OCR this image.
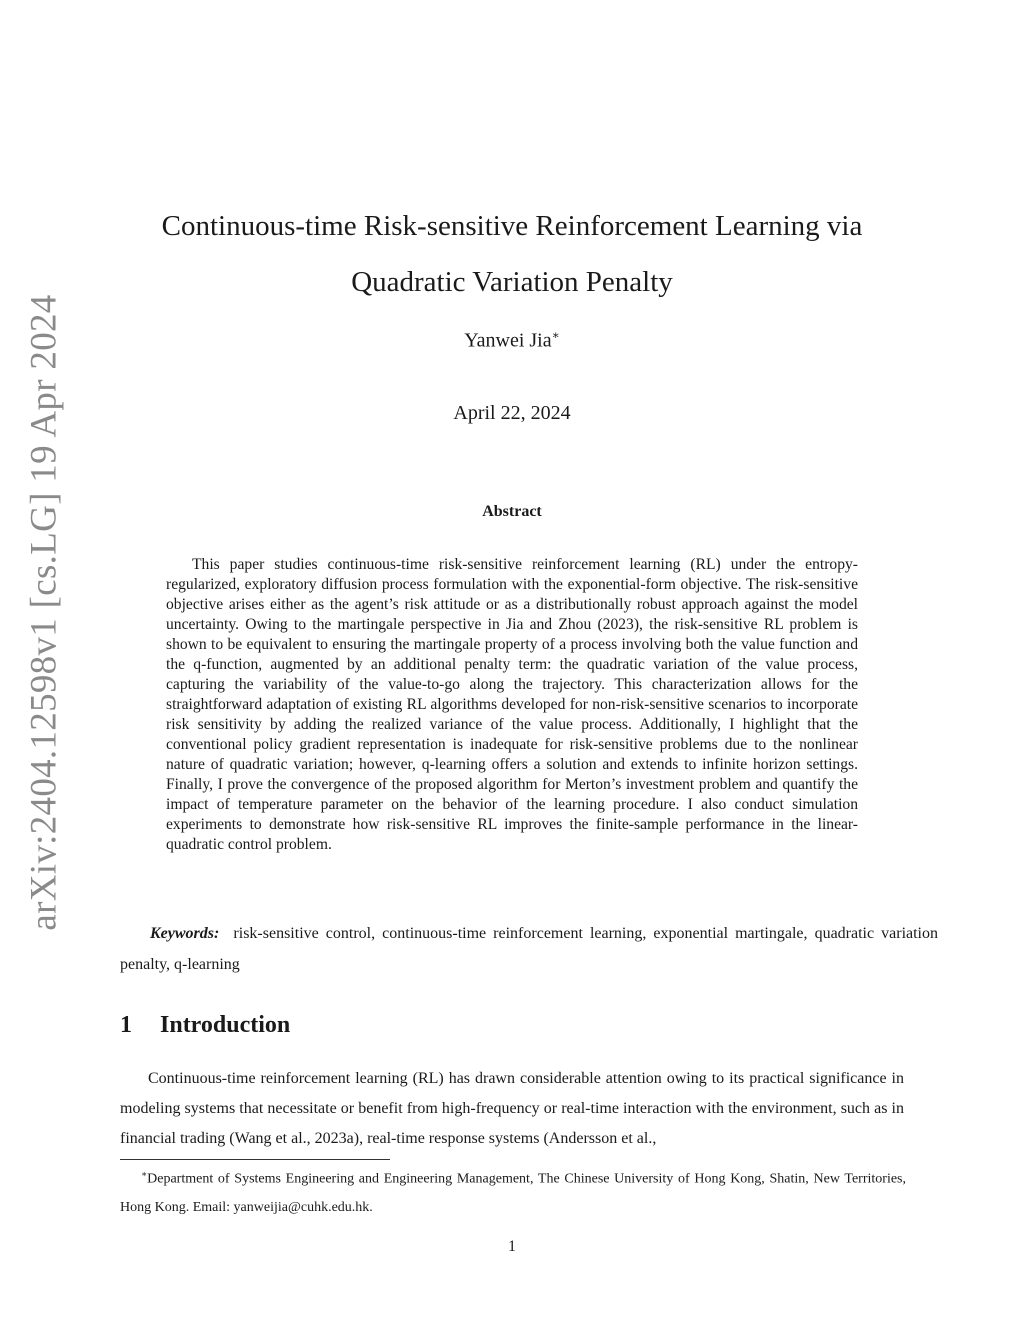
arXiv:2404.12598v1 [cs.LG] 19 Apr 2024
Continuous-time Risk-sensitive Reinforcement Learning via
Quadratic Variation Penalty
Yanwei Jia∗
April 22, 2024
Abstract

This paper studies continuous-time risk-sensitive reinforcement learning (RL) under the entropy-regularized, exploratory diffusion process formulation with the exponential-form objective. The risk-sensitive objective arises either as the agent’s risk attitude or as a distributionally robust approach against the model uncertainty. Owing to the martingale perspective in Jia and Zhou (2023), the risk-sensitive RL problem is shown to be equivalent to ensuring the martingale property of a process involving both the value function and the q-function, augmented by an additional penalty term: the quadratic variation of the value process, capturing the variability of the value-to-go along the trajectory. This characterization allows for the straightforward adaptation of existing RL algorithms developed for non-risk-sensitive scenarios to incorporate risk sensitivity by adding the realized variance of the value process. Additionally, I highlight that the conventional policy gradient representation is inadequate for risk-sensitive problems due to the nonlinear nature of quadratic variation; however, q-learning offers a solution and extends to infinite horizon settings. Finally, I prove the convergence of the proposed algorithm for Merton’s investment problem and quantify the impact of temperature parameter on the behavior of the learning procedure. I also conduct simulation experiments to demonstrate how risk-sensitive RL improves the finite-sample performance in the linear-quadratic control problem.

Keywords: risk-sensitive control, continuous-time reinforcement learning, exponential martingale, quadratic variation penalty, q-learning

1 Introduction

Continuous-time reinforcement learning (RL) has drawn considerable attention owing to its practical significance in modeling systems that necessitate or benefit from high-frequency or real-time interaction with the environment, such as in financial trading (Wang et al., 2023a), real-time response systems (Andersson et al.,

∗Department of Systems Engineering and Engineering Management, The Chinese University of Hong Kong, Shatin, New Territories, Hong Kong. Email: yanweijia@cuhk.edu.hk.

1
